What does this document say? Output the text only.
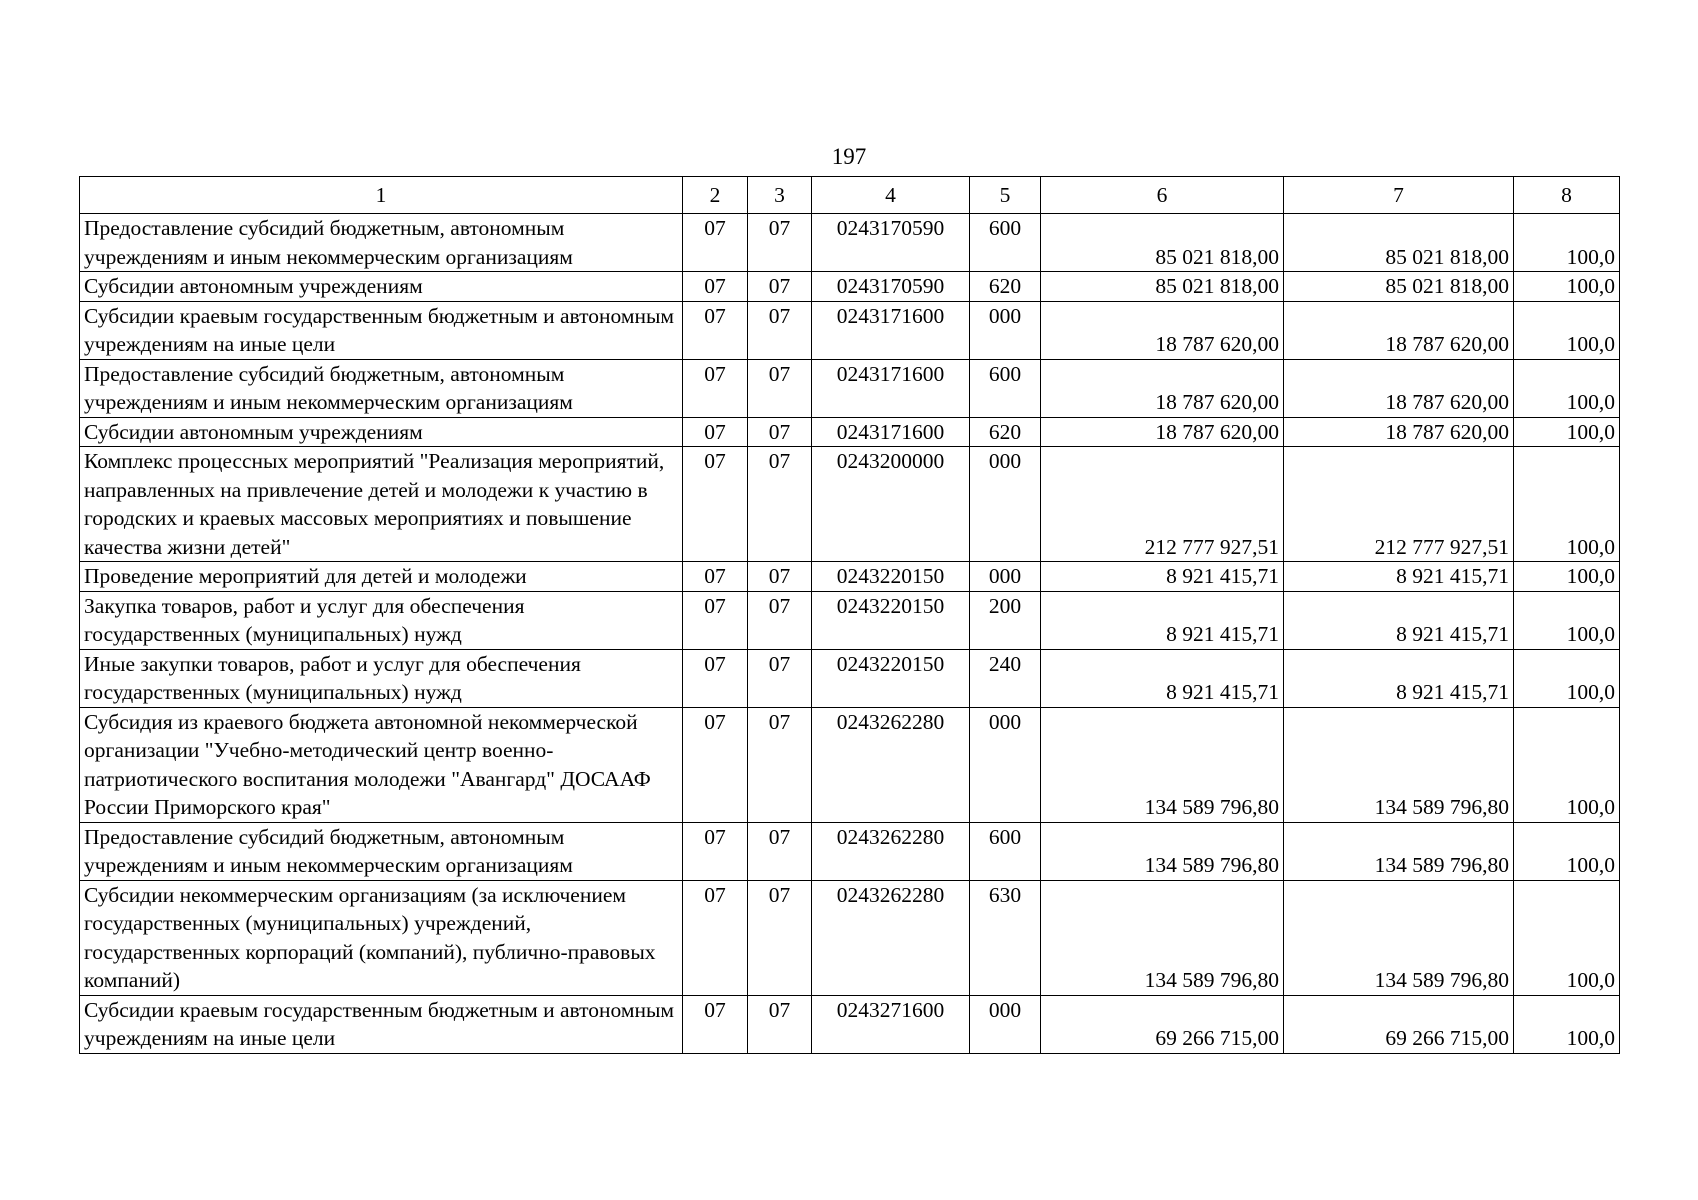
197
1	2	3	4	5	6	7	8
Предоставление субсидий бюджетным, автономным учреждениям и иным некоммерческим организациям	07	07	0243170590	600	85 021 818,00	85 021 818,00	100,0
Субсидии автономным учреждениям	07	07	0243170590	620	85 021 818,00	85 021 818,00	100,0
Субсидии краевым государственным бюджетным и автономным учреждениям на иные цели	07	07	0243171600	000	18 787 620,00	18 787 620,00	100,0
Предоставление субсидий бюджетным, автономным учреждениям и иным некоммерческим организациям	07	07	0243171600	600	18 787 620,00	18 787 620,00	100,0
Субсидии автономным учреждениям	07	07	0243171600	620	18 787 620,00	18 787 620,00	100,0
Комплекс процессных мероприятий "Реализация мероприятий, направленных на привлечение детей и молодежи к участию в городских и краевых массовых мероприятиях и повышение качества жизни детей"	07	07	0243200000	000	212 777 927,51	212 777 927,51	100,0
Проведение мероприятий для детей и молодежи	07	07	0243220150	000	8 921 415,71	8 921 415,71	100,0
Закупка товаров, работ и услуг для обеспечения государственных (муниципальных) нужд	07	07	0243220150	200	8 921 415,71	8 921 415,71	100,0
Иные закупки товаров, работ и услуг для обеспечения государственных (муниципальных) нужд	07	07	0243220150	240	8 921 415,71	8 921 415,71	100,0
Субсидия из краевого бюджета автономной некоммерческой организации "Учебно-методический центр военно-патриотического воспитания молодежи "Авангард" ДОСААФ России Приморского края"	07	07	0243262280	000	134 589 796,80	134 589 796,80	100,0
Предоставление субсидий бюджетным, автономным учреждениям и иным некоммерческим организациям	07	07	0243262280	600	134 589 796,80	134 589 796,80	100,0
Субсидии некоммерческим организациям (за исключением государственных (муниципальных) учреждений, государственных корпораций (компаний), публично-правовых компаний)	07	07	0243262280	630	134 589 796,80	134 589 796,80	100,0
Субсидии краевым государственным бюджетным и автономным учреждениям на иные цели	07	07	0243271600	000	69 266 715,00	69 266 715,00	100,0
